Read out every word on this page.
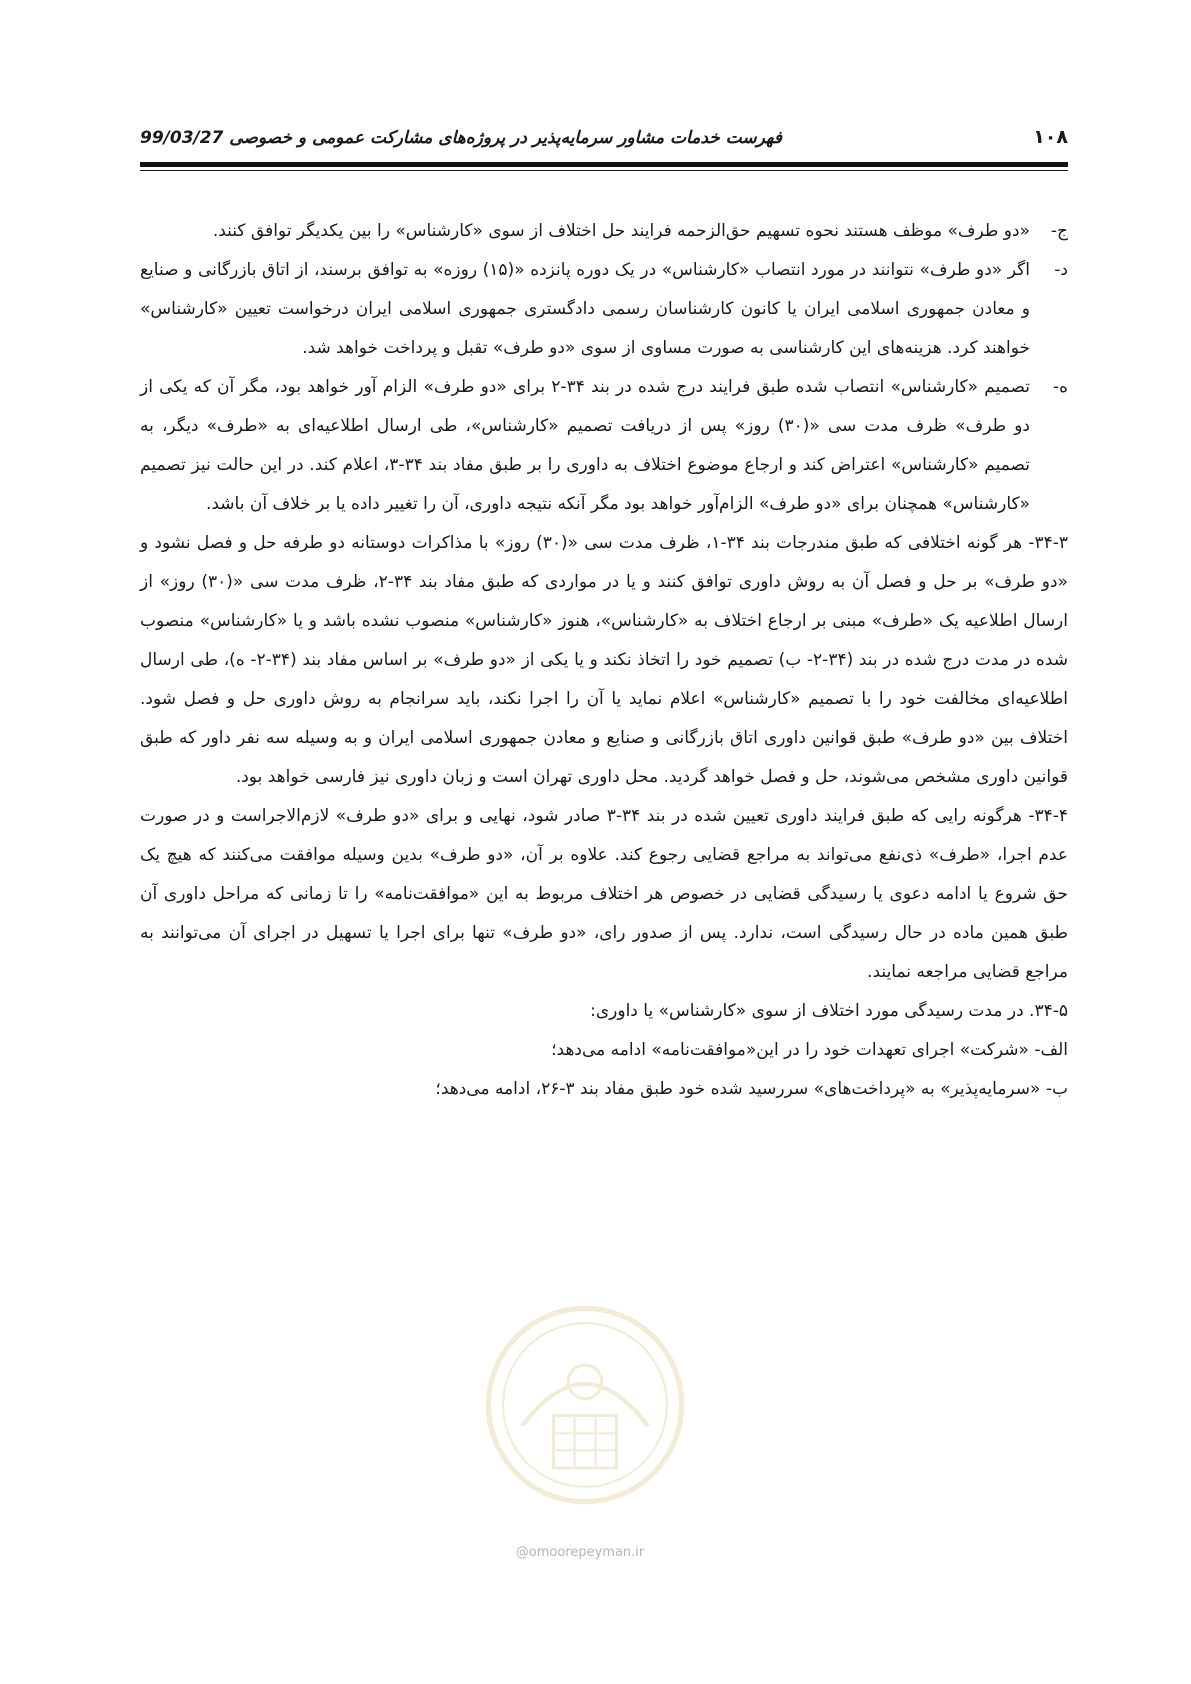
۱۰۸
فهرست خدمات مشاور سرمایه‌پذیر در پروژه‌های مشارکت عمومی و خصوصی 99/03/27
ج-
«دو طرف» موظف هستند نحوه تسهیم حق‌الزحمه فرایند حل اختلاف از سوی «کارشناس» را بین یکدیگر توافق کنند.
د-
اگر «دو طرف» نتوانند در مورد انتصاب «کارشناس» در یک دوره پانزده «(۱۵) روزه» به توافق برسند، از اتاق بازرگانی و صنایع و معادن جمهوری اسلامی ایران یا کانون کارشناسان رسمی دادگستری جمهوری اسلامی ایران درخواست تعیین «کارشناس» خواهند کرد. هزینه‌های این کارشناسی به صورت مساوی از سوی «دو طرف» تقبل و پرداخت خواهد شد.
ه-
تصمیم «کارشناس» انتصاب شده طبق فرایند درج شده در بند ۳۴-۲ برای «دو طرف» الزام آور خواهد بود، مگر آن که یکی از دو طرف» ظرف مدت سی «(۳۰) روز» پس از دریافت تصمیم «کارشناس»، طی ارسال اطلاعیه‌ای به «طرف» دیگر، به تصمیم «کارشناس» اعتراض کند و ارجاع موضوع اختلاف به داوری را بر طبق مفاد بند ۳۴-۳، اعلام کند. در این حالت نیز تصمیم «کارشناس» همچنان برای «دو طرف» الزام‌آور خواهد بود مگر آنکه نتیجه داوری، آن را تغییر داده یا بر خلاف آن باشد.

۳۴-۳- هر گونه اختلافی که طبق مندرجات بند ۳۴-۱، ظرف مدت سی «(۳۰) روز» با مذاکرات دوستانه دو طرفه حل و فصل نشود و «دو طرف» بر حل و فصل آن به روش داوری توافق کنند و یا در مواردی که طبق مفاد بند ۳۴-۲، ظرف مدت سی «(۳۰) روز» از ارسال اطلاعیه یک «طرف» مبنی بر ارجاع اختلاف به «کارشناس»، هنوز «کارشناس» منصوب نشده باشد و یا «کارشناس» منصوب شده در مدت درج شده در بند (۳۴-۲- ب) تصمیم خود را اتخاذ نکند و یا یکی از «دو طرف» بر اساس مفاد بند (۳۴-۲- ه)، طی ارسال اطلاعیه‌ای مخالفت خود را با تصمیم «کارشناس» اعلام نماید یا آن را اجرا نکند، باید سرانجام به روش داوری حل و فصل شود. اختلاف بین «دو طرف» طبق قوانین داوری اتاق بازرگانی و صنایع و معادن جمهوری اسلامی ایران و به وسیله سه نفر داور که طبق قوانین داوری مشخص می‌شوند، حل و فصل خواهد گردید. محل داوری تهران است و زبان داوری نیز فارسی خواهد بود.

۳۴-۴- هرگونه رایی که طبق فرایند داوری تعیین شده در بند ۳۴-۳ صادر شود، نهایی و برای «دو طرف» لازم‌الاجراست و در صورت عدم اجرا، «طرف» ذی‌نفع می‌تواند به مراجع قضایی رجوع کند. علاوه بر آن، «دو طرف» بدین وسیله موافقت می‌کنند که هیچ یک حق شروع یا ادامه دعوی یا رسیدگی قضایی در خصوص هر اختلاف مربوط به این «موافقت‌نامه» را تا زمانی که مراحل داوری آن طبق همین ماده در حال رسیدگی است، ندارد. پس از صدور رای، «دو طرف» تنها برای اجرا یا تسهیل در اجرای آن می‌توانند به مراجع قضایی مراجعه نمایند.

۳۴-۵. در مدت رسیدگی مورد اختلاف از سوی «کارشناس» یا داوری:

الف- «شرکت» اجرای تعهدات خود را در این«موافقت‌نامه» ادامه می‌دهد؛

ب- «سرمایه‌پذیر» به «پرداخت‌های» سررسید شده خود طبق مفاد بند ۳-۲۶، ادامه می‌دهد؛

@omoorepeyman.ir
